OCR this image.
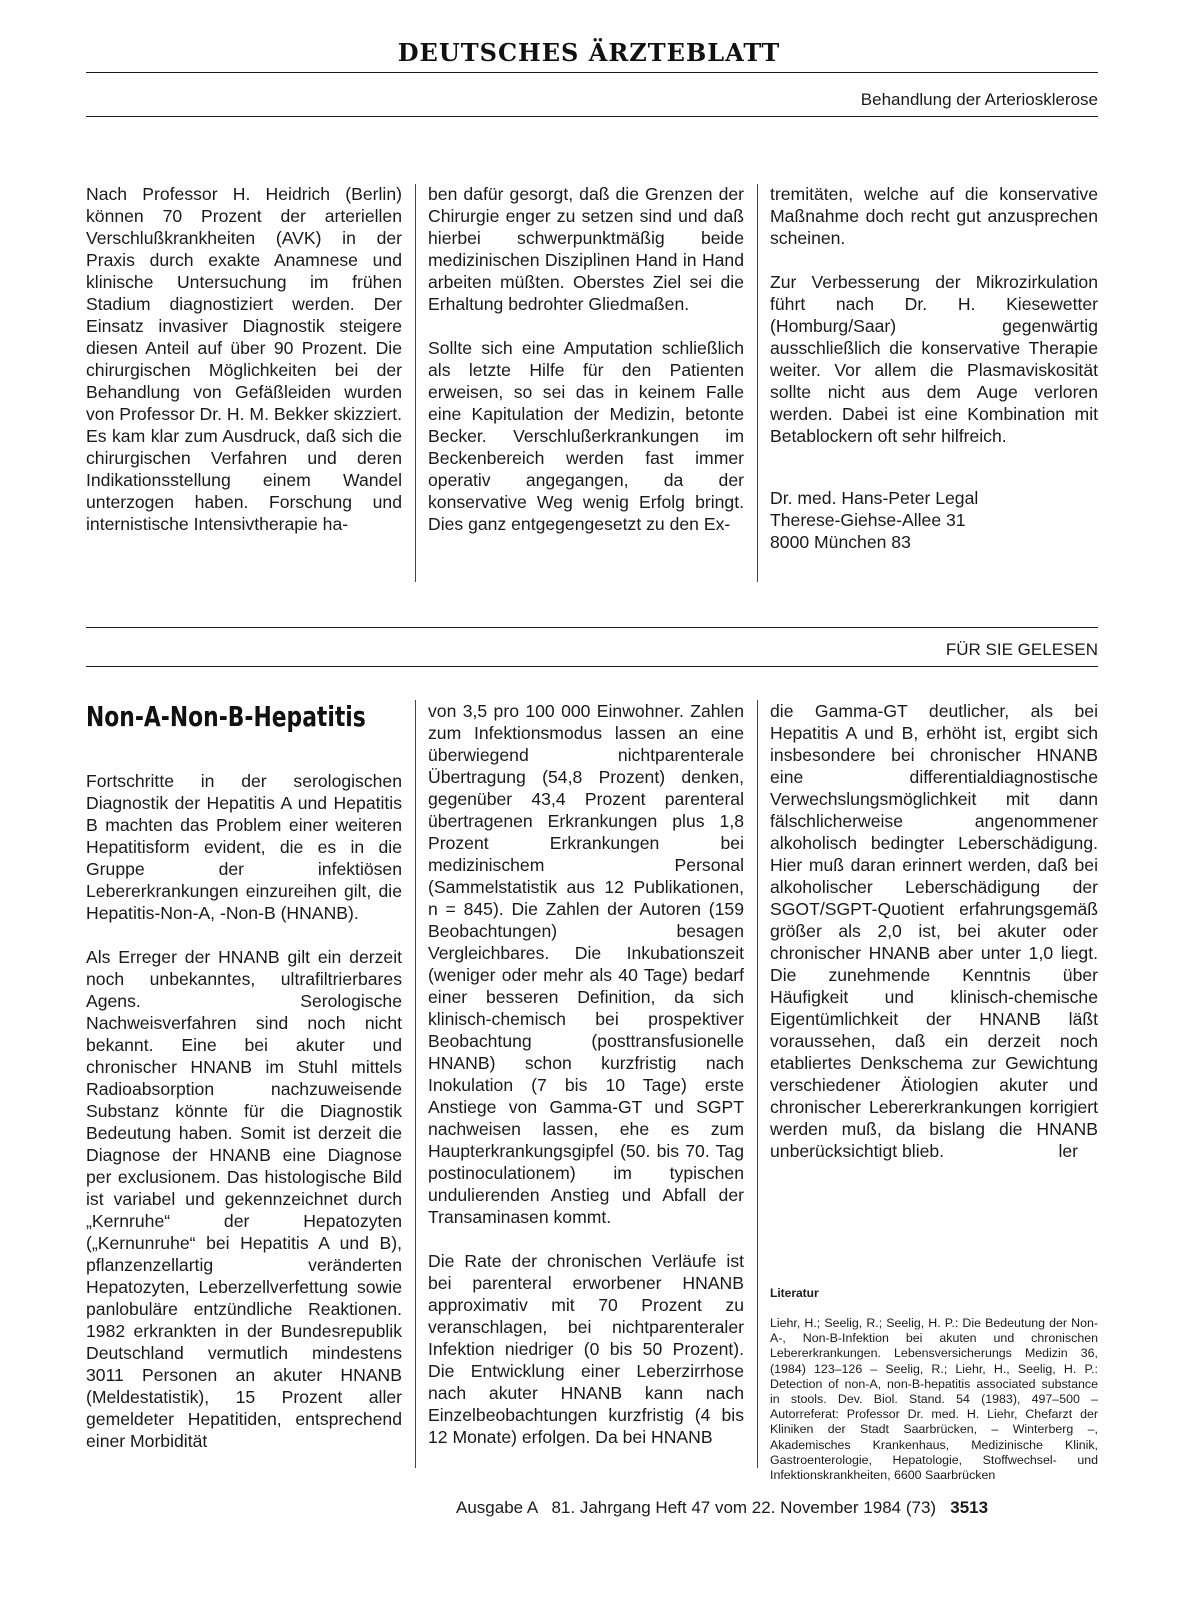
DEUTSCHES ÄRZTEBLATT
Behandlung der Arteriosklerose

Nach Professor H. Heidrich (Berlin) können 70 Prozent der arteriellen Verschlußkrankheiten (AVK) in der Praxis durch exakte Anamnese und klinische Untersuchung im frühen Stadium diagnostiziert werden. Der Einsatz invasiver Diagnostik steigere diesen Anteil auf über 90 Prozent. Die chirurgischen Möglichkeiten bei der Behandlung von Gefäßleiden wurden von Professor Dr. H. M. Bekker skizziert. Es kam klar zum Ausdruck, daß sich die chirurgischen Verfahren und deren Indikationsstellung einem Wandel unterzogen haben. Forschung und internistische Intensivtherapie ha-

ben dafür gesorgt, daß die Grenzen der Chirurgie enger zu setzen sind und daß hierbei schwerpunktmäßig beide medizinischen Disziplinen Hand in Hand arbeiten müßten. Oberstes Ziel sei die Erhaltung bedrohter Gliedmaßen.

Sollte sich eine Amputation schließlich als letzte Hilfe für den Patienten erweisen, so sei das in keinem Falle eine Kapitulation der Medizin, betonte Becker. Verschlußerkrankungen im Beckenbereich werden fast immer operativ angegangen, da der konservative Weg wenig Erfolg bringt. Dies ganz entgegengesetzt zu den Ex-

tremitäten, welche auf die konservative Maßnahme doch recht gut anzusprechen scheinen.

Zur Verbesserung der Mikrozirkulation führt nach Dr. H. Kiesewetter (Homburg/Saar) gegenwärtig ausschließlich die konservative Therapie weiter. Vor allem die Plasmaviskosität sollte nicht aus dem Auge verloren werden. Dabei ist eine Kombination mit Betablockern oft sehr hilfreich.

Dr. med. Hans-Peter Legal
Therese-Giehse-Allee 31
8000 München 83
FÜR SIE GELESEN
Non-A-Non-B-Hepatitis

Fortschritte in der serologischen Diagnostik der Hepatitis A und Hepatitis B machten das Problem einer weiteren Hepatitisform evident, die es in die Gruppe der infektiösen Lebererkrankungen einzureihen gilt, die Hepatitis-Non-A, -Non-B (HNANB).

Als Erreger der HNANB gilt ein derzeit noch unbekanntes, ultrafiltrierbares Agens. Serologische Nachweisverfahren sind noch nicht bekannt. Eine bei akuter und chronischer HNANB im Stuhl mittels Radioabsorption nachzuweisende Substanz könnte für die Diagnostik Bedeutung haben. Somit ist derzeit die Diagnose der HNANB eine Diagnose per exclusionem. Das histologische Bild ist variabel und gekennzeichnet durch „Kernruhe“ der Hepatozyten („Kernunruhe“ bei Hepatitis A und B), pflanzenzellartig veränderten Hepatozyten, Leberzellverfettung sowie panlobuläre entzündliche Reaktionen. 1982 erkrankten in der Bundesrepublik Deutschland vermutlich mindestens 3011 Personen an akuter HNANB (Meldestatistik), 15 Prozent aller gemeldeter Hepatitiden, entsprechend einer Morbidität

von 3,5 pro 100 000 Einwohner. Zahlen zum Infektionsmodus lassen an eine überwiegend nichtparenterale Übertragung (54,8 Prozent) denken, gegenüber 43,4 Prozent parenteral übertragenen Erkrankungen plus 1,8 Prozent Erkrankungen bei medizinischem Personal (Sammelstatistik aus 12 Publikationen, n = 845). Die Zahlen der Autoren (159 Beobachtungen) besagen Vergleichbares. Die Inkubationszeit (weniger oder mehr als 40 Tage) bedarf einer besseren Definition, da sich klinisch-chemisch bei prospektiver Beobachtung (posttransfusionelle HNANB) schon kurzfristig nach Inokulation (7 bis 10 Tage) erste Anstiege von Gamma-GT und SGPT nachweisen lassen, ehe es zum Haupterkrankungsgipfel (50. bis 70. Tag postinoculationem) im typischen undulierenden Anstieg und Abfall der Transaminasen kommt.

Die Rate der chronischen Verläufe ist bei parenteral erworbener HNANB approximativ mit 70 Prozent zu veranschlagen, bei nichtparenteraler Infektion niedriger (0 bis 50 Prozent). Die Entwicklung einer Leberzirrhose nach akuter HNANB kann nach Einzelbeobachtungen kurzfristig (4 bis 12 Monate) erfolgen. Da bei HNANB

die Gamma-GT deutlicher, als bei Hepatitis A und B, erhöht ist, ergibt sich insbesondere bei chronischer HNANB eine differentialdiagnostische Verwechslungsmöglichkeit mit dann fälschlicherweise angenommener alkoholisch bedingter Leberschädigung. Hier muß daran erinnert werden, daß bei alkoholischer Leberschädigung der SGOT/SGPT-Quotient erfahrungsgemäß größer als 2,0 ist, bei akuter oder chronischer HNANB aber unter 1,0 liegt. Die zunehmende Kenntnis über Häufigkeit und klinisch-chemische Eigentümlichkeit der HNANB läßt voraussehen, daß ein derzeit noch etabliertes Denkschema zur Gewichtung verschiedener Ätiologien akuter und chronischer Lebererkrankungen korrigiert werden muß, da bislang die HNANB unberücksichtigt blieb.	ler
Literatur
Liehr, H.; Seelig, R.; Seelig, H. P.: Die Bedeutung der Non-A-, Non-B-Infektion bei akuten und chronischen Lebererkrankungen. Lebensversicherungs Medizin 36, (1984) 123–126 – Seelig, R.; Liehr, H., Seelig, H. P.: Detection of non-A, non-B-hepatitis associated substance in stools. Dev. Biol. Stand. 54 (1983), 497–500 – Autorreferat: Professor Dr. med. H. Liehr, Chefarzt der Kliniken der Stadt Saarbrücken, – Winterberg –, Akademisches Krankenhaus, Medizinische Klinik, Gastroenterologie, Hepatologie, Stoffwechsel- und Infektionskrankheiten, 6600 Saarbrücken
Ausgabe A   81. Jahrgang Heft 47 vom 22. November 1984 (73) 3513
